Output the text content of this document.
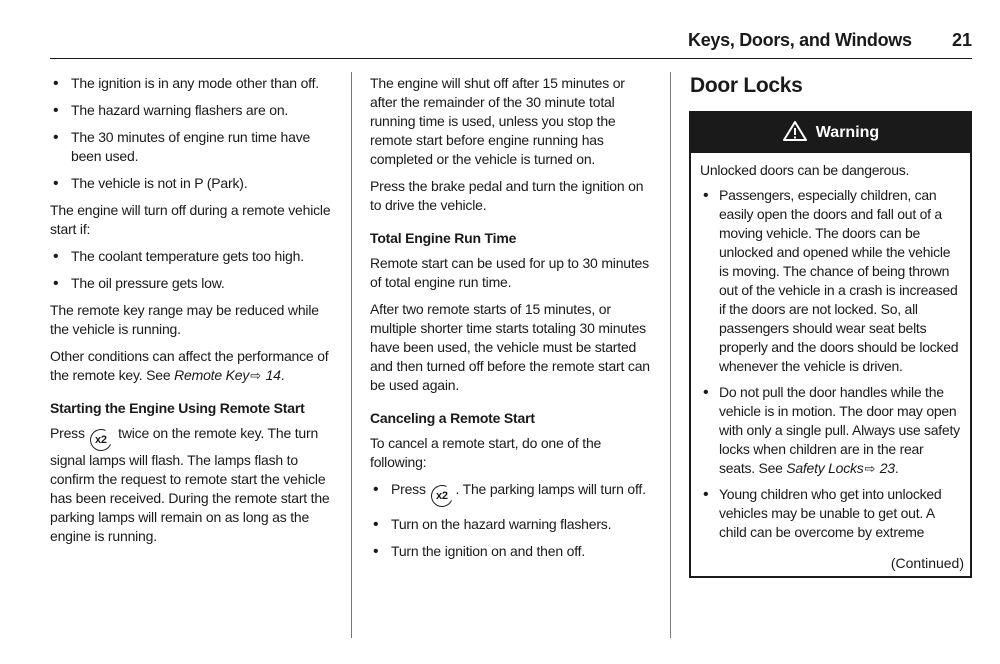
Keys, Doors, and Windows 21
• The ignition is in any mode other than off.
• The hazard warning flashers are on.
• The 30 minutes of engine run time have been used.
• The vehicle is not in P (Park).

The engine will turn off during a remote vehicle start if:

• The coolant temperature gets too high.
• The oil pressure gets low.

The remote key range may be reduced while the vehicle is running.

Other conditions can affect the performance of the remote key. See Remote Key⇨ 14.

Starting the Engine Using Remote Start

Press x2 twice on the remote key. The turn signal lamps will flash. The lamps flash to confirm the request to remote start the vehicle has been received. During the remote start the parking lamps will remain on as long as the engine is running.

The engine will shut off after 15 minutes or after the remainder of the 30 minute total running time is used, unless you stop the remote start before engine running has completed or the vehicle is turned on.

Press the brake pedal and turn the ignition on to drive the vehicle.

Total Engine Run Time

Remote start can be used for up to 30 minutes of total engine run time.

After two remote starts of 15 minutes, or multiple shorter time starts totaling 30 minutes have been used, the vehicle must be started and then turned off before the remote start can be used again.

Canceling a Remote Start

To cancel a remote start, do one of the following:

• Press x2 . The parking lamps will turn off.
• Turn on the hazard warning flashers.
• Turn the ignition on and then off.
Door Locks
Warning

Unlocked doors can be dangerous.

• Passengers, especially children, can easily open the doors and fall out of a moving vehicle. The doors can be unlocked and opened while the vehicle is moving. The chance of being thrown out of the vehicle in a crash is increased if the doors are not locked. So, all passengers should wear seat belts properly and the doors should be locked whenever the vehicle is driven.
• Do not pull the door handles while the vehicle is in motion. The door may open with only a single pull. Always use safety locks when children are in the rear seats. See Safety Locks⇨ 23.
• Young children who get into unlocked vehicles may be unable to get out. A child can be overcome by extreme
(Continued)
